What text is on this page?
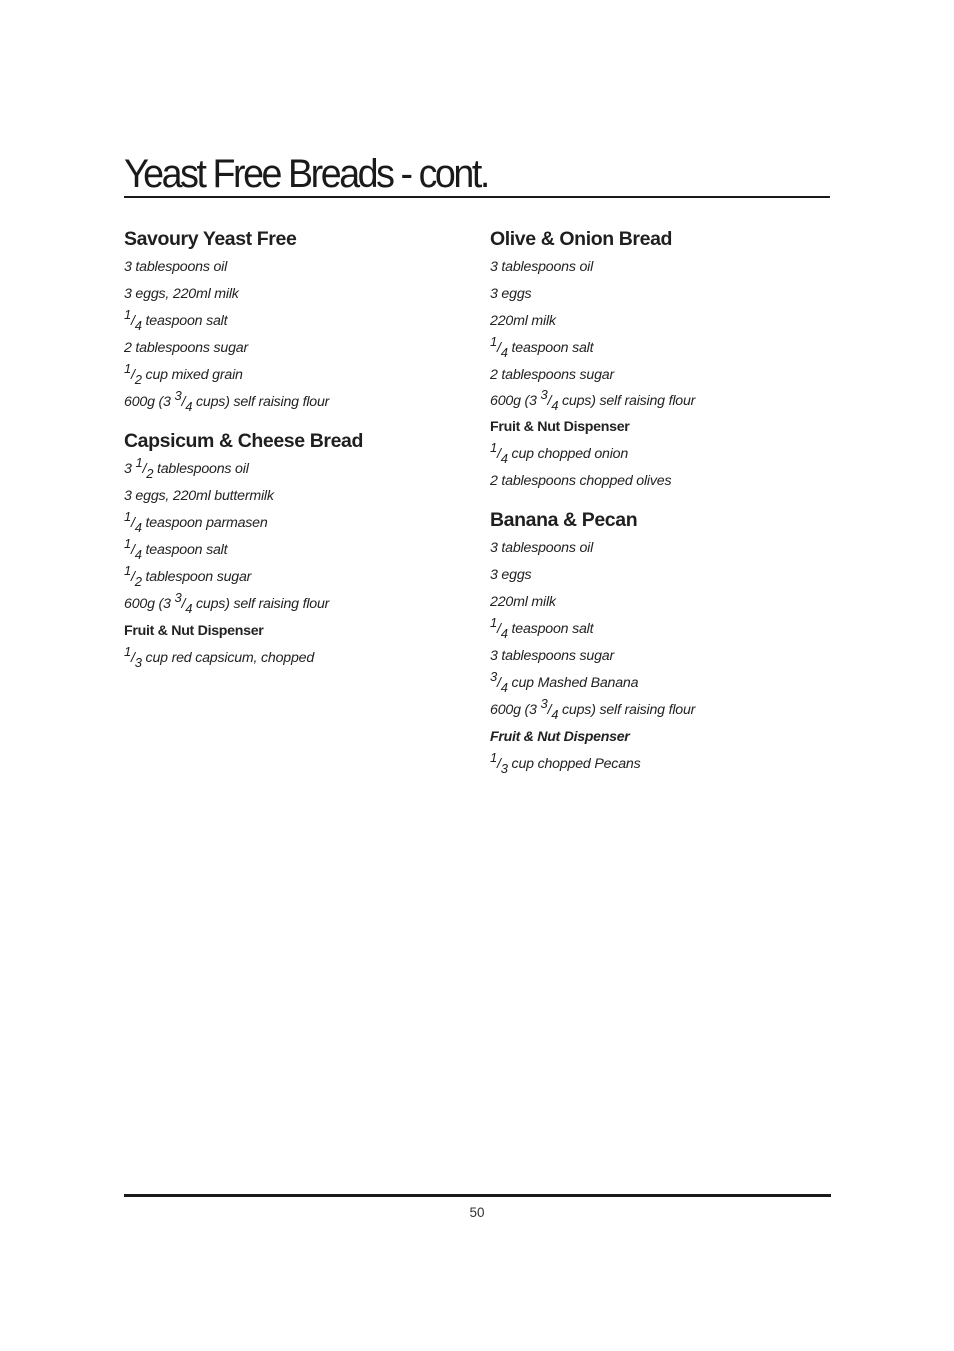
Yeast Free Breads - cont.
Savoury Yeast Free
3 tablespoons oil
3 eggs, 220ml milk
$^1/_4$ teaspoon salt
2 tablespoons sugar
$^1/_2$ cup mixed grain
600g (3 $^3/_4$ cups) self raising flour
Capsicum & Cheese Bread
3 $^1/_2$ tablespoons oil
3 eggs, 220ml buttermilk
$^1/_4$ teaspoon parmasen
$^1/_4$ teaspoon salt
$^1/_2$ tablespoon sugar
600g (3 $^3/_4$ cups) self raising flour
Fruit & Nut Dispenser
$^1/_3$ cup red capsicum, chopped
Olive & Onion Bread
3 tablespoons oil
3 eggs
220ml milk
$^1/_4$ teaspoon salt
2 tablespoons sugar
600g (3 $^3/_4$ cups) self raising flour
Fruit & Nut Dispenser
$^1/_4$ cup chopped onion
2 tablespoons chopped olives
Banana & Pecan
3 tablespoons oil
3 eggs
220ml milk
$^1/_4$ teaspoon salt
3 tablespoons sugar
$^3/_4$ cup Mashed Banana
600g (3 $^3/_4$ cups) self raising flour
Fruit & Nut Dispenser
$^1/_3$ cup chopped Pecans
50
